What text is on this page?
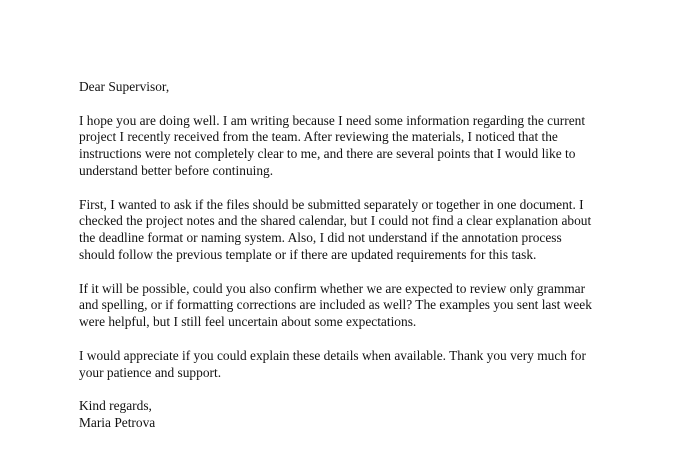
Dear Supervisor,

I hope you are doing well. I am writing because I need some information regarding the current
project I recently received from the team. After reviewing the materials, I noticed that the
instructions were not completely clear to me, and there are several points that I would like to
understand better before continuing.

First, I wanted to ask if the files should be submitted separately or together in one document. I
checked the project notes and the shared calendar, but I could not find a clear explanation about
the deadline format or naming system. Also, I did not understand if the annotation process
should follow the previous template or if there are updated requirements for this task.

If it will be possible, could you also confirm whether we are expected to review only grammar
and spelling, or if formatting corrections are included as well? The examples you sent last week
were helpful, but I still feel uncertain about some expectations.

I would appreciate if you could explain these details when available. Thank you very much for
your patience and support.

Kind regards,
Maria Petrova
